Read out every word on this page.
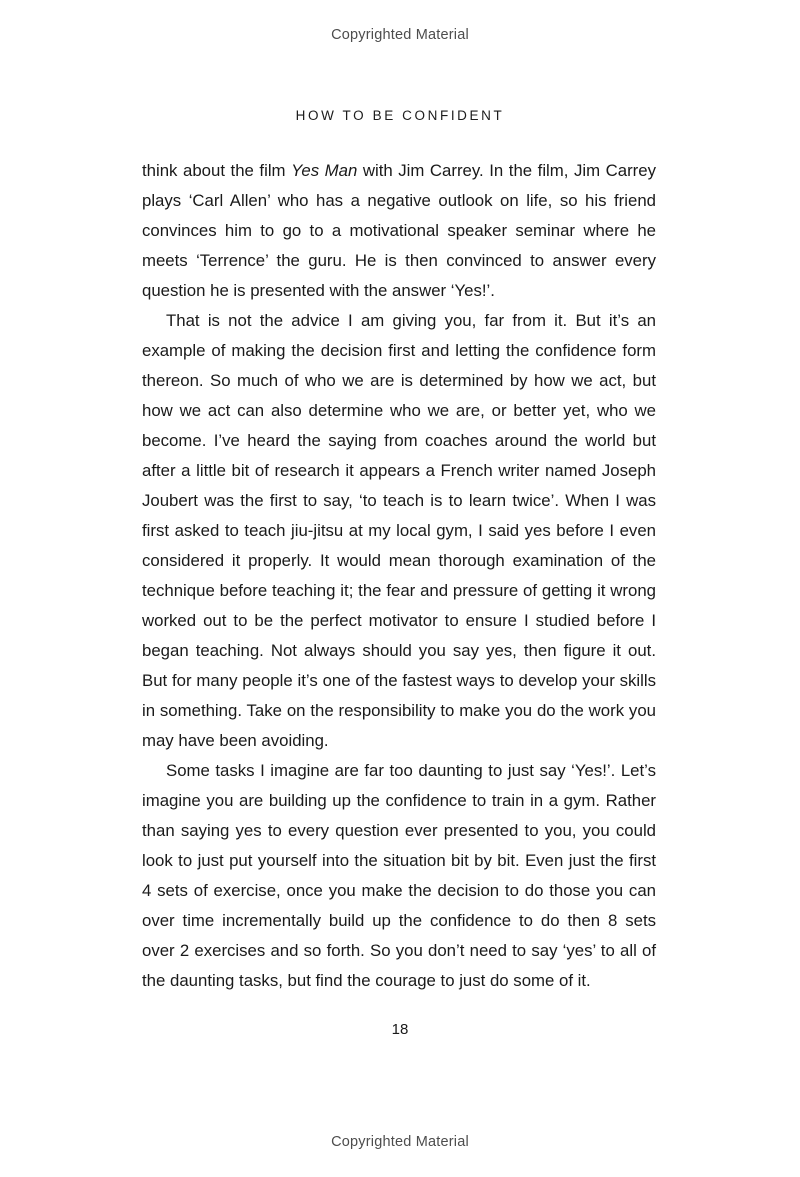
Copyrighted Material
HOW TO BE CONFIDENT

think about the film Yes Man with Jim Carrey. In the film, Jim Carrey plays ‘Carl Allen’ who has a negative outlook on life, so his friend convinces him to go to a motivational speaker seminar where he meets ‘Terrence’ the guru. He is then convinced to answer every question he is presented with the answer ‘Yes!’.

That is not the advice I am giving you, far from it. But it’s an example of making the decision first and letting the confidence form thereon. So much of who we are is determined by how we act, but how we act can also determine who we are, or better yet, who we become. I’ve heard the saying from coaches around the world but after a little bit of research it appears a French writer named Joseph Joubert was the first to say, ‘to teach is to learn twice’. When I was first asked to teach jiu-jitsu at my local gym, I said yes before I even considered it properly. It would mean thorough examination of the technique before teaching it; the fear and pressure of getting it wrong worked out to be the perfect motivator to ensure I studied before I began teaching. Not always should you say yes, then figure it out. But for many people it’s one of the fastest ways to develop your skills in something. Take on the responsibility to make you do the work you may have been avoiding.

Some tasks I imagine are far too daunting to just say ‘Yes!’. Let’s imagine you are building up the confidence to train in a gym. Rather than saying yes to every question ever presented to you, you could look to just put yourself into the situation bit by bit. Even just the first 4 sets of exercise, once you make the decision to do those you can over time incrementally build up the confidence to do then 8 sets over 2 exercises and so forth. So you don’t need to say ‘yes’ to all of the daunting tasks, but find the courage to just do some of it.

18
Copyrighted Material
